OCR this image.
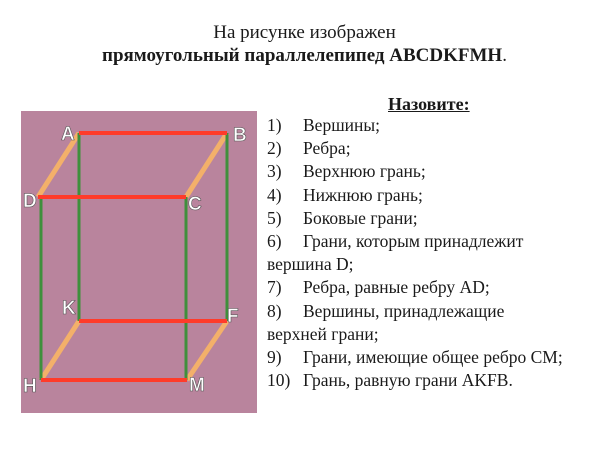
На рисунке изображен
прямоугольный параллелепипед ABCDKFMH.
A	B
D	C
K	F
H	M
Назовите:
1) Вершины;
2) Ребра;
3) Верхнюю грань;
4) Нижнюю грань;
5) Боковые грани;
6) Грани, которым принадлежит
вершина D;
7) Ребра, равные ребру AD;
8) Вершины, принадлежащие
верхней грани;
9) Грани, имеющие общее ребро CM;
10) Грань, равную грани AKFB.
